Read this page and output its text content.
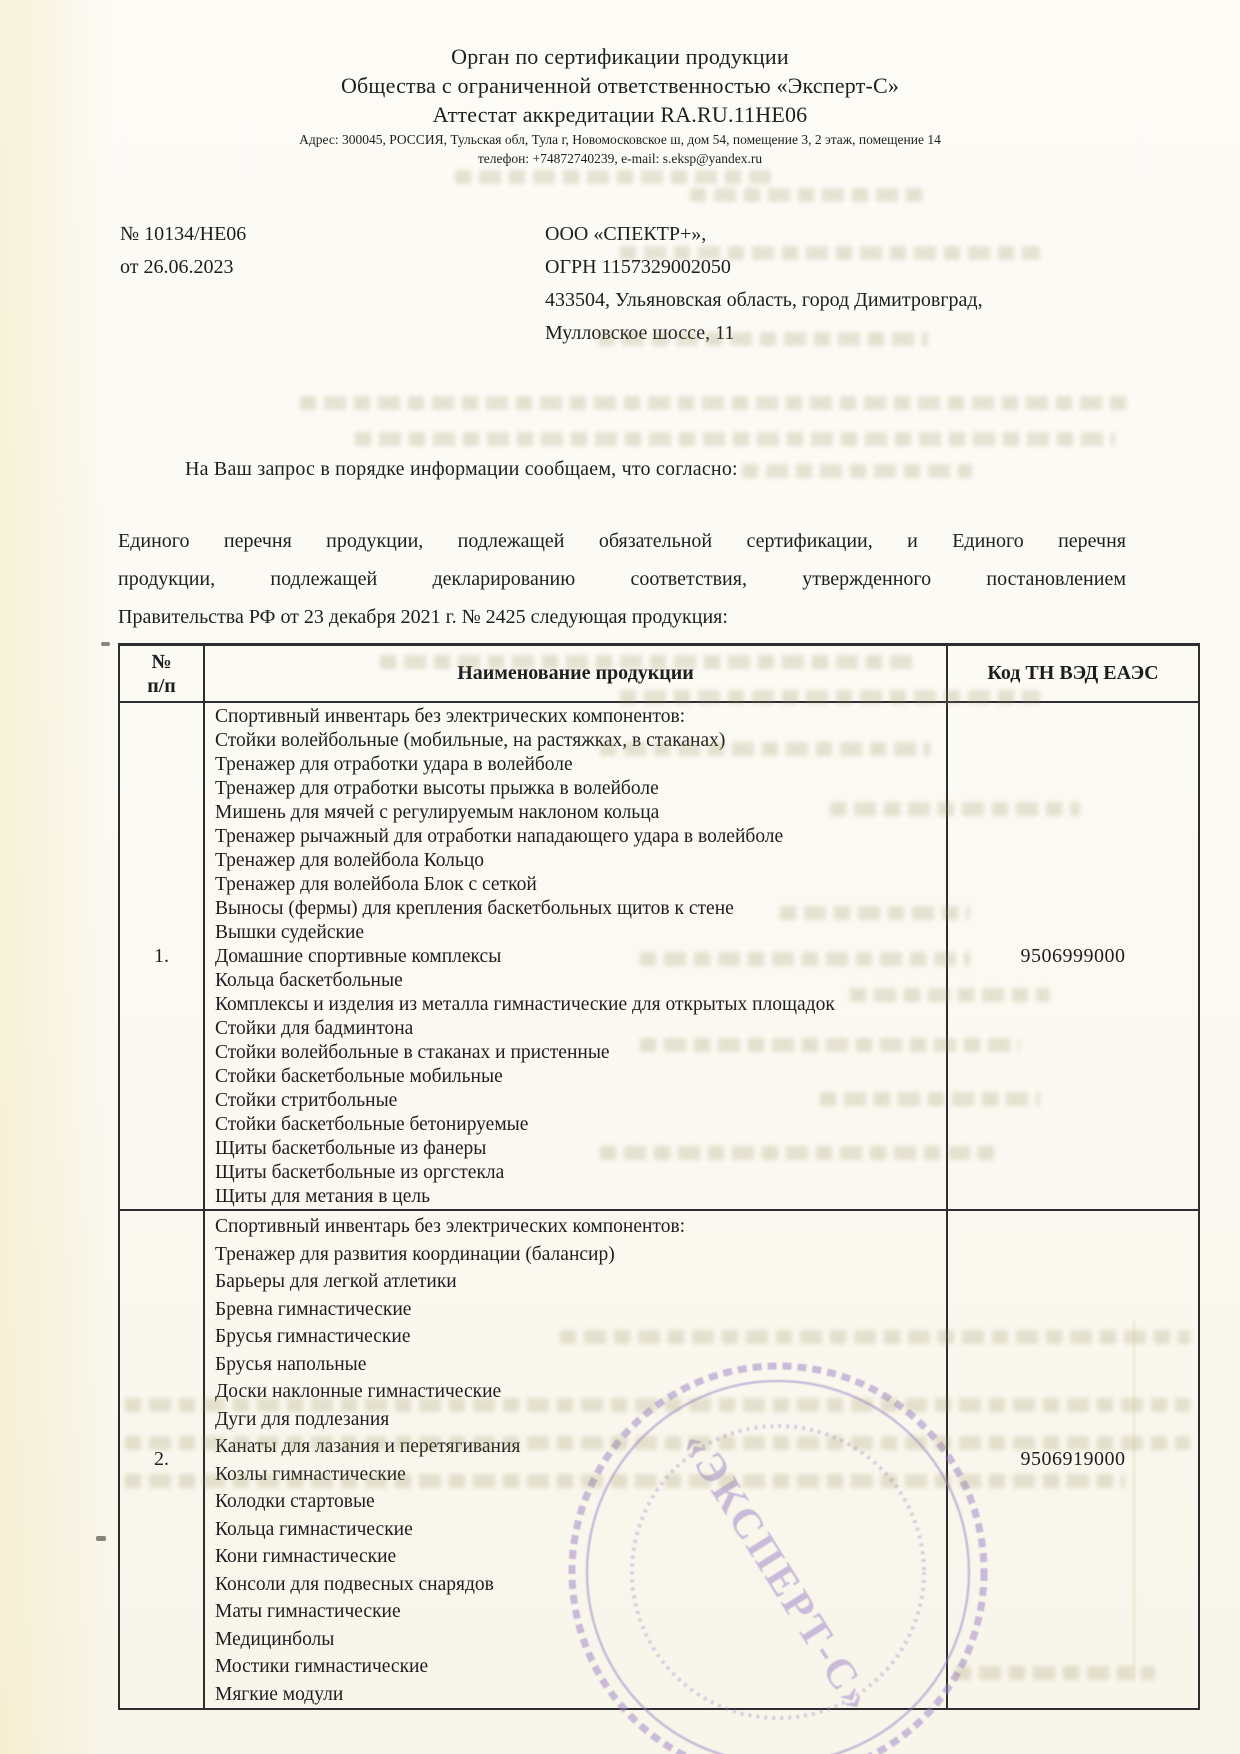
Орган по сертификации продукции
Общества с ограниченной ответственностью «Эксперт-С»
Аттестат аккредитации RA.RU.11НЕ06
Адрес: 300045, РОССИЯ, Тульская обл, Тула г, Новомосковское ш, дом 54, помещение 3, 2 этаж, помещение 14
телефон: +74872740239, e-mail: s.eksp@yandex.ru
№ 10134/НЕ06
от 26.06.2023
ООО «СПЕКТР+»,
ОГРН 1157329002050
433504, Ульяновская область, город Димитровград,
Мулловское шоссе, 11
На Ваш запрос в порядке информации сообщаем, что согласно:
Единого перечня продукции, подлежащей обязательной сертификации, и Единого перечня
продукции, подлежащей декларированию соответствия, утвержденного постановлением
Правительства РФ от 23 декабря 2021 г. № 2425 следующая продукция:
№
п/п
Наименование продукции	Код ТН ВЭД ЕАЭС
1.
Спортивный инвентарь без электрических компонентов:
Стойки волейбольные (мобильные, на растяжках, в стаканах)
Тренажер для отработки удара в волейболе
Тренажер для отработки высоты прыжка в волейболе
Мишень для мячей с регулируемым наклоном кольца
Тренажер рычажный для отработки нападающего удара в волейболе
Тренажер для волейбола Кольцо
Тренажер для волейбола Блок с сеткой
Выносы (фермы) для крепления баскетбольных щитов к стене
Вышки судейские
Домашние спортивные комплексы
Кольца баскетбольные
Комплексы и изделия из металла гимнастические для открытых площадок
Стойки для бадминтона
Стойки волейбольные в стаканах и пристенные
Стойки баскетбольные мобильные
Стойки стритбольные
Стойки баскетбольные бетонируемые
Щиты баскетбольные из фанеры
Щиты баскетбольные из оргстекла
Щиты для метания в цель
9506999000
2.
Спортивный инвентарь без электрических компонентов:
Тренажер для развития координации (балансир)
Барьеры для легкой атлетики
Бревна гимнастические
Брусья гимнастические
Брусья напольные
Доски наклонные гимнастические
Дуги для подлезания
Канаты для лазания и перетягивания
Козлы гимнастические
Колодки стартовые
Кольца гимнастические
Кони гимнастические
Консоли для подвесных снарядов
Маты гимнастические
Медицинболы
Мостики гимнастические
Мягкие модули
9506919000
«ЭКСПЕРТ-С»
